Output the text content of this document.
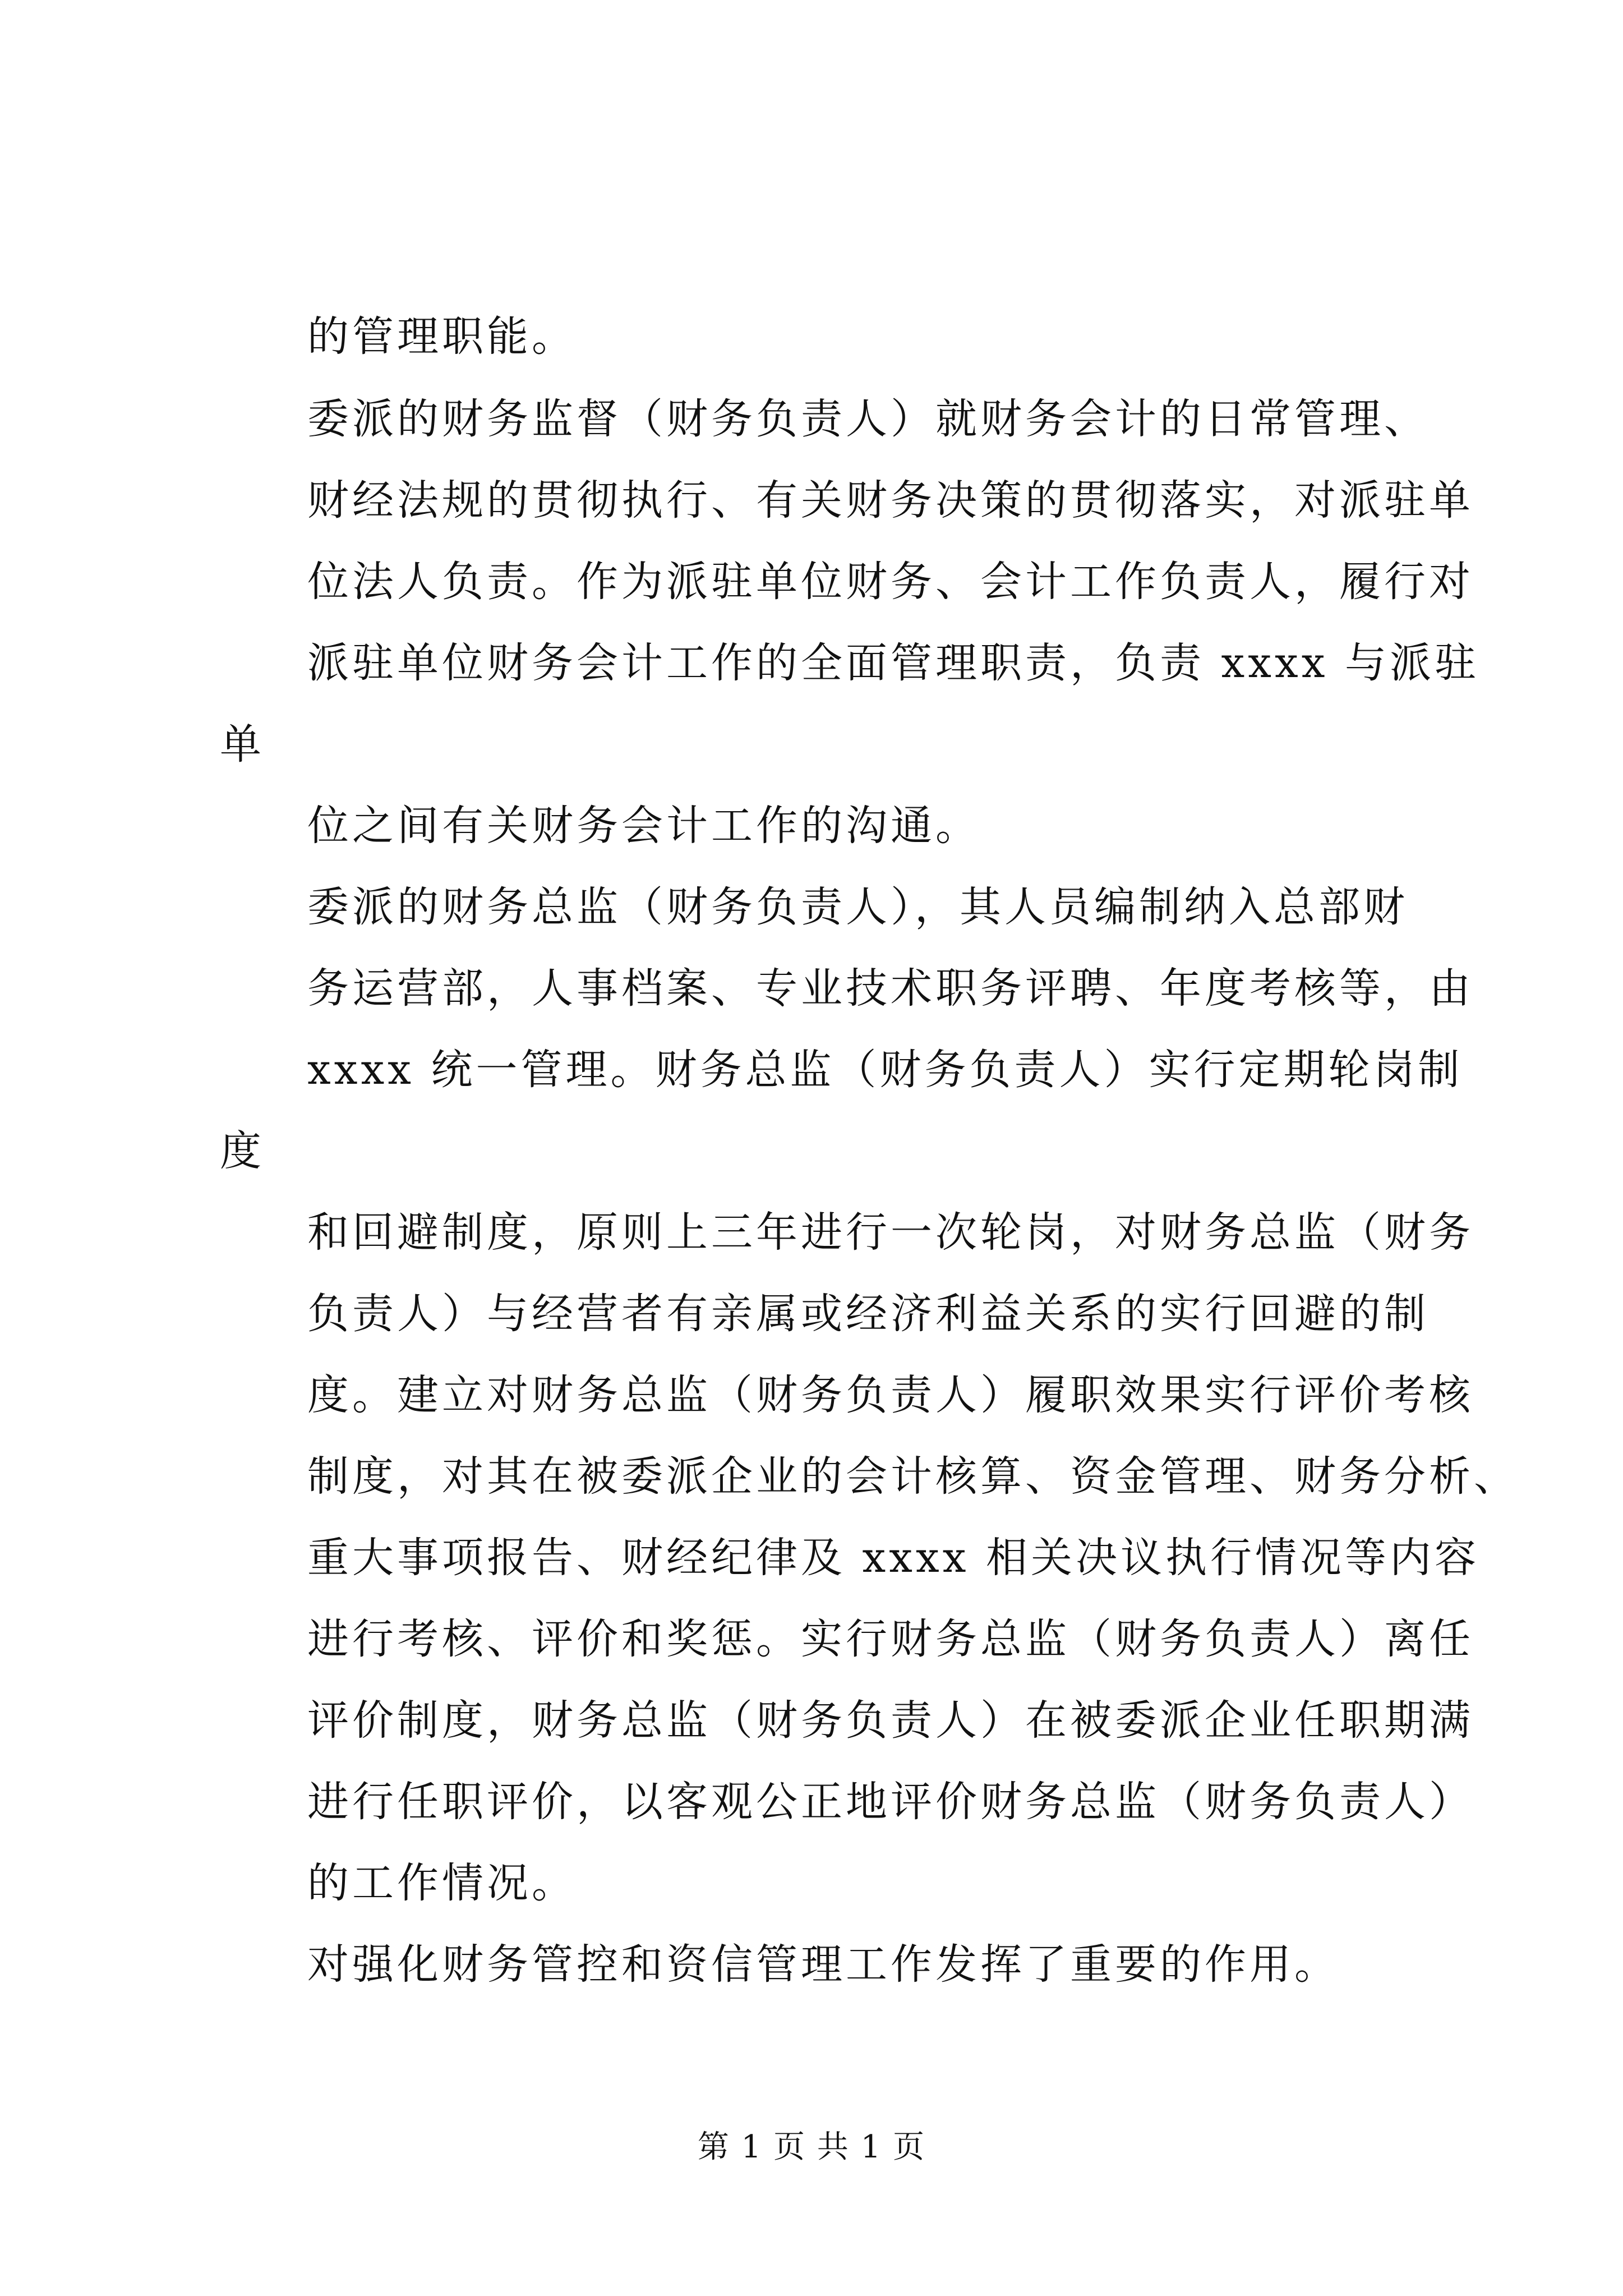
的管理职能。
委派的财务监督（财务负责人）就财务会计的日常管理、
财经法规的贯彻执行、有关财务决策的贯彻落实，对派驻单
位法人负责。作为派驻单位财务、会计工作负责人，履行对
派驻单位财务会计工作的全面管理职责，负责 xxxx 与派驻
单
位之间有关财务会计工作的沟通。
委派的财务总监（财务负责人），其人员编制纳入总部财
务运营部，人事档案、专业技术职务评聘、年度考核等，由
xxxx 统一管理。财务总监（财务负责人）实行定期轮岗制
度
和回避制度，原则上三年进行一次轮岗，对财务总监（财务
负责人）与经营者有亲属或经济利益关系的实行回避的制
度。建立对财务总监（财务负责人）履职效果实行评价考核
制度，对其在被委派企业的会计核算、资金管理、财务分析、
重大事项报告、财经纪律及 xxxx 相关决议执行情况等内容
进行考核、评价和奖惩。实行财务总监（财务负责人）离任
评价制度，财务总监（财务负责人）在被委派企业任职期满
进行任职评价，以客观公正地评价财务总监（财务负责人）
的工作情况。
对强化财务管控和资信管理工作发挥了重要的作用。
第 1 页 共 1 页
